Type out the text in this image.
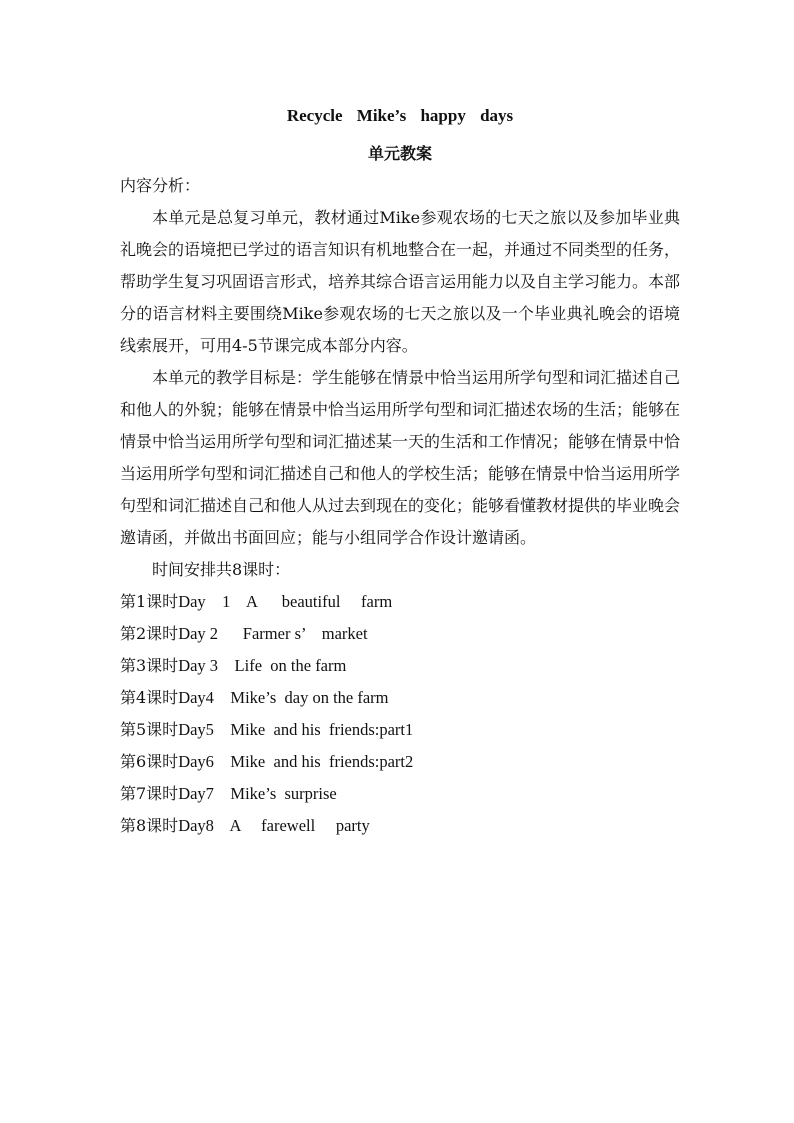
Recycle Mike’s happy days
单元教案

内容分析：

本单元是总复习单元，教材通过Mike参观农场的七天之旅以及参加毕业典礼晚会的语境把已学过的语言知识有机地整合在一起，并通过不同类型的任务，帮助学生复习巩固语言形式，培养其综合语言运用能力以及自主学习能力。本部分的语言材料主要围绕Mike参观农场的七天之旅以及一个毕业典礼晚会的语境线索展开，可用4-5节课完成本部分内容。

本单元的教学目标是：学生能够在情景中恰当运用所学句型和词汇描述自己和他人的外貌；能够在情景中恰当运用所学句型和词汇描述农场的生活；能够在情景中恰当运用所学句型和词汇描述某一天的生活和工作情况；能够在情景中恰当运用所学句型和词汇描述自己和他人的学校生活；能够在情景中恰当运用所学句型和词汇描述自己和他人从过去到现在的变化；能够看懂教材提供的毕业晚会邀请函，并做出书面回应；能与小组同学合作设计邀请函。

时间安排共8课时：

第1课时Day    1    A      beautiful     farm
第2课时Day 2      Farmer s’    market
第3课时Day 3    Life  on the farm
第4课时Day4    Mike’s  day on the farm
第5课时Day5    Mike  and his  friends:part1
第6课时Day6    Mike  and his  friends:part2
第7课时Day7    Mike’s  surprise
第8课时Day8    A     farewell     party
